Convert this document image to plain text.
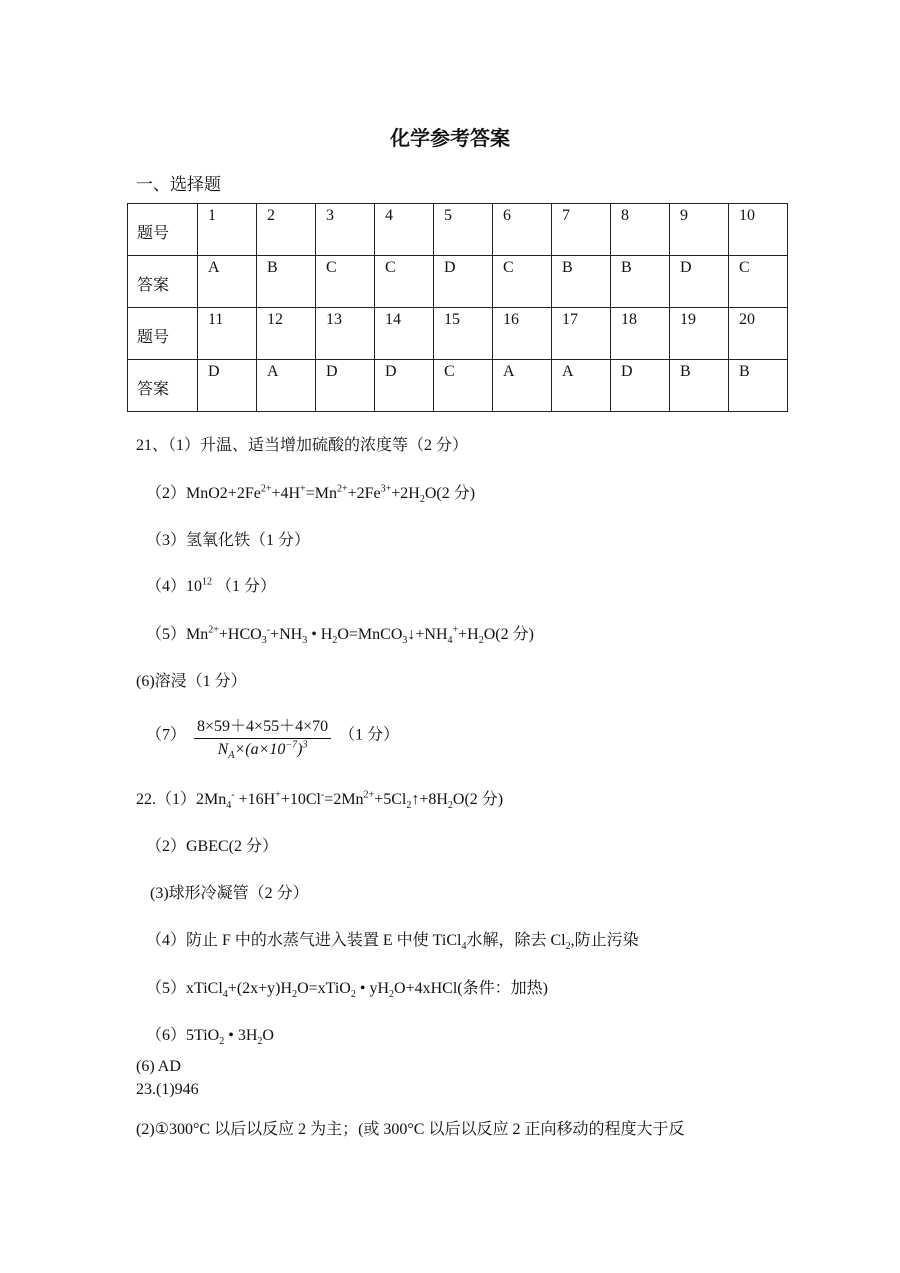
化学参考答案
一、选择题
题号	1	2	3	4	5	6	7	8	9	10

答案	A	B	C	C	D	C	B	B	D	C

题号	11	12	13	14	15	16	17	18	19	20

答案	D	A	D	D	C	A	A	D	B	B
21、（1）升温、适当增加硫酸的浓度等（2 分）
$(2)MnO2+2Fe^{2+}+4H^+=Mn^{2+}+2Fe^{3+}+2H_2O(2$ 分)
（3）氢氧化铁（1 分）
$(4)10^{12}$ （1 分）
$(5)Mn^{2+}+HCO_3^-+NH_3$ • $H_2O=MnCO_3↓+NH_4^++H_2O(2$ 分)
(6)溶浸（1 分）
$(7) \frac{8\times 59+4\times 55+4\times 70}{N_A\times(a\times 10^{-7})^3} (1$ 分）
$22.(1)2Mn_4^-$ $+16H^++10Cl^-=2Mn^{2+}+5Cl_2↑+8H_2O(2$ 分)
（2）GBEC(2 分）
(3)球形冷凝管（2 分）
（4）防止 F 中的水蒸气进入装置 E 中使 TiCl$_4$水解，除去 $Cl_2$,防止污染
$(5)xTiCl_4+(2x+y)H_2O=xTiO_2$ • $yH_2O+4xHCl$(条件：加热)
（6）5TiO$_2$ • $3H_2O$
(6) AD
23.(1)946
(2)①300°C 以后以反应 2 为主；(或 300°C 以后以反应 2 正向移动的程度大于反
